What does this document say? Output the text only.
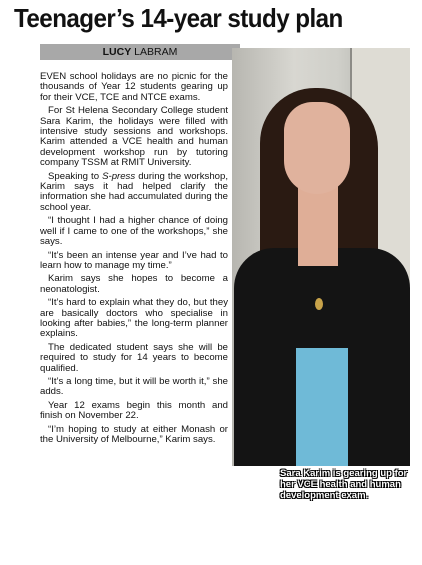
Teenager’s 14-year study plan
LUCY LABRAM

EVEN school holidays are no picnic for the thousands of Year 12 students gearing up for their VCE, TCE and NTCE exams.

For St Helena Secondary College student Sara Karim, the holidays were filled with intensive study sessions and workshops. Karim attended a VCE health and human development workshop run by tutoring company TSSM at RMIT University.

Speaking to S-press during the workshop, Karim says it had helped clarify the information she had accumulated during the school year.

“I thought I had a higher chance of doing well if I came to one of the workshops,” she says.

“It’s been an intense year and I’ve had to learn how to manage my time.”

Karim says she hopes to become a neonatologist.

“It’s hard to explain what they do, but they are basically doctors who specialise in looking after babies,” the long-term planner explains.

The dedicated student says she will be required to study for 14 years to become qualified.

“It’s a long time, but it will be worth it,” she adds.

Year 12 exams begin this month and finish on November 22.

“I’m hoping to study at either Monash or the University of Melbourne,” Karim says.

Sara Karim is gearing up for her VCE health and human development exam.
